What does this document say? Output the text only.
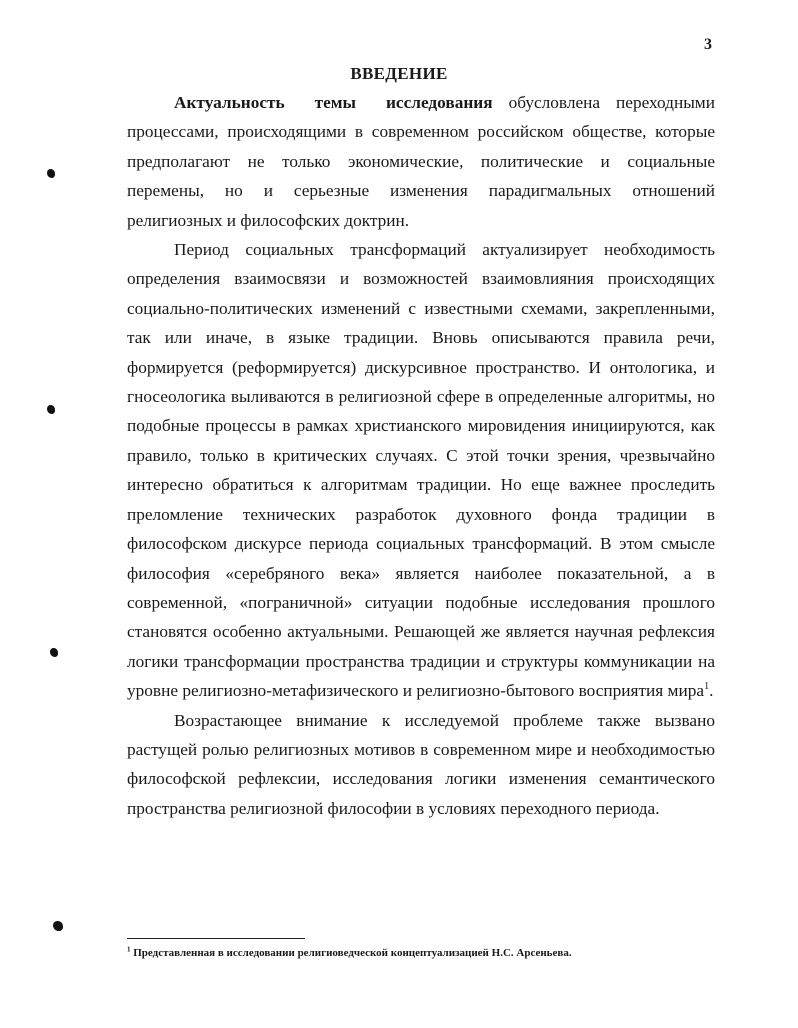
3
ВВЕДЕНИЕ

Актуальность темы исследования обусловлена переходными процессами, происходящими в современном российском обществе, которые предполагают не только экономические, политические и социальные перемены, но и серьезные изменения парадигмальных отношений религиозных и философских доктрин.

Период социальных трансформаций актуализирует необходимость определения взаимосвязи и возможностей взаимовлияния происходящих социально-политических изменений с известными схемами, закрепленными, так или иначе, в языке традиции. Вновь описываются правила речи, формируется (реформируется) дискурсивное пространство. И онтологика, и гносеологика выливаются в религиозной сфере в определенные алгоритмы, но подобные процессы в рамках христианского мировидения инициируются, как правило, только в критических случаях. С этой точки зрения, чрезвычайно интересно обратиться к алгоритмам традиции. Но еще важнее проследить преломление технических разработок духовного фонда традиции в философском дискурсе периода социальных трансформаций. В этом смысле философия «серебряного века» является наиболее показательной, а в современной, «пограничной» ситуации подобные исследования прошлого становятся особенно актуальными. Решающей же является научная рефлексия логики трансформации пространства традиции и структуры коммуникации на уровне религиозно-метафизического и религиозно-бытового восприятия мира$^1$.

Возрастающее внимание к исследуемой проблеме также вызвано растущей ролью религиозных мотивов в современном мире и необходимостью философской рефлексии, исследования логики изменения семантического пространства религиозной философии в условиях переходного периода.

$^1$ Представленная в исследовании религиоведческой концептуализацией Н.С. Арсеньева.
